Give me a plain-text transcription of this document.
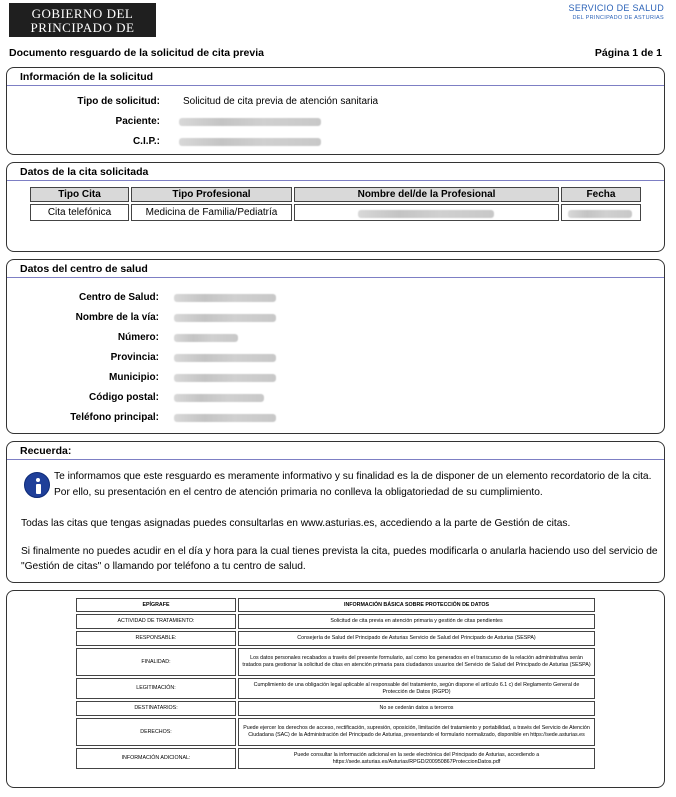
GOBIERNO DEL
PRINCIPADO DE ASTURIAS
SERVICIO DE SALUD
DEL PRINCIPADO DE ASTURIAS
Documento resguardo de la solicitud de cita previa	Página 1 de 1
Información de la solicitud
Tipo de solicitud: Solicitud de cita previa de atención sanitaria
Paciente:
C.I.P.:
Datos de la cita solicitada
Tipo Cita	Tipo Profesional	Nombre del/de la Profesional	Fecha
Cita telefónica	Medicina de Familia/Pediatría	

Datos del centro de salud
Centro de Salud:
Nombre de la vía:
Número:
Provincia:
Municipio:
Código postal:
Teléfono principal:
Recuerda:
Te informamos que este resguardo es meramente informativo y su finalidad es la de disponer de un elemento recordatorio de la cita.
Por ello, su presentación en el centro de atención primaria no conlleva la obligatoriedad de su cumplimiento.
Todas las citas que tengas asignadas puedes consultarlas en www.asturias.es, accediendo a la parte de Gestión de citas.
Si finalmente no puedes acudir en el día y hora para la cual tienes prevista la cita, puedes modificarla o anularla haciendo uso del servicio de
"Gestión de citas" o llamando por teléfono a tu centro de salud.
EPÍGRAFE	INFORMACIÓN BÁSICA SOBRE PROTECCIÓN DE DATOS
ACTIVIDAD DE TRATAMIENTO:	Solicitud de cita previa en atención primaria y gestión de citas pendientes
RESPONSABLE:	Consejería de Salud del Principado de Asturias Servicio de Salud del Principado de Asturias (SESPA)
FINALIDAD:	Los datos personales recabados a través del presente formulario, así como los generados en el transcurso de la relación administrativa serán tratados para gestionar la solicitud de citas en atención primaria para ciudadanos usuarios del Servicio de Salud del Principado de Asturias (SESPA)
LEGITIMACIÓN:	Cumplimiento de una obligación legal aplicable al responsable del tratamiento, según dispone el artículo 6.1 c) del Reglamento General de Protección de Datos (RGPD)
DESTINATARIOS:	No se cederán datos a terceros
DERECHOS:	Puede ejercer los derechos de acceso, rectificación, supresión, oposición, limitación del tratamiento y portabilidad, a través del Servicio de Atención Ciudadana (SAC) de la Administración del Principado de Asturias, presentando el formulario normalizado, disponible en https://sede.asturias.es
INFORMACIÓN ADICIONAL:	Puede consultar la información adicional en la sede electrónica del Principado de Asturias, accediendo a https://sede.asturias.es/Asturias/RPGD/200950867ProteccionDatos.pdf
